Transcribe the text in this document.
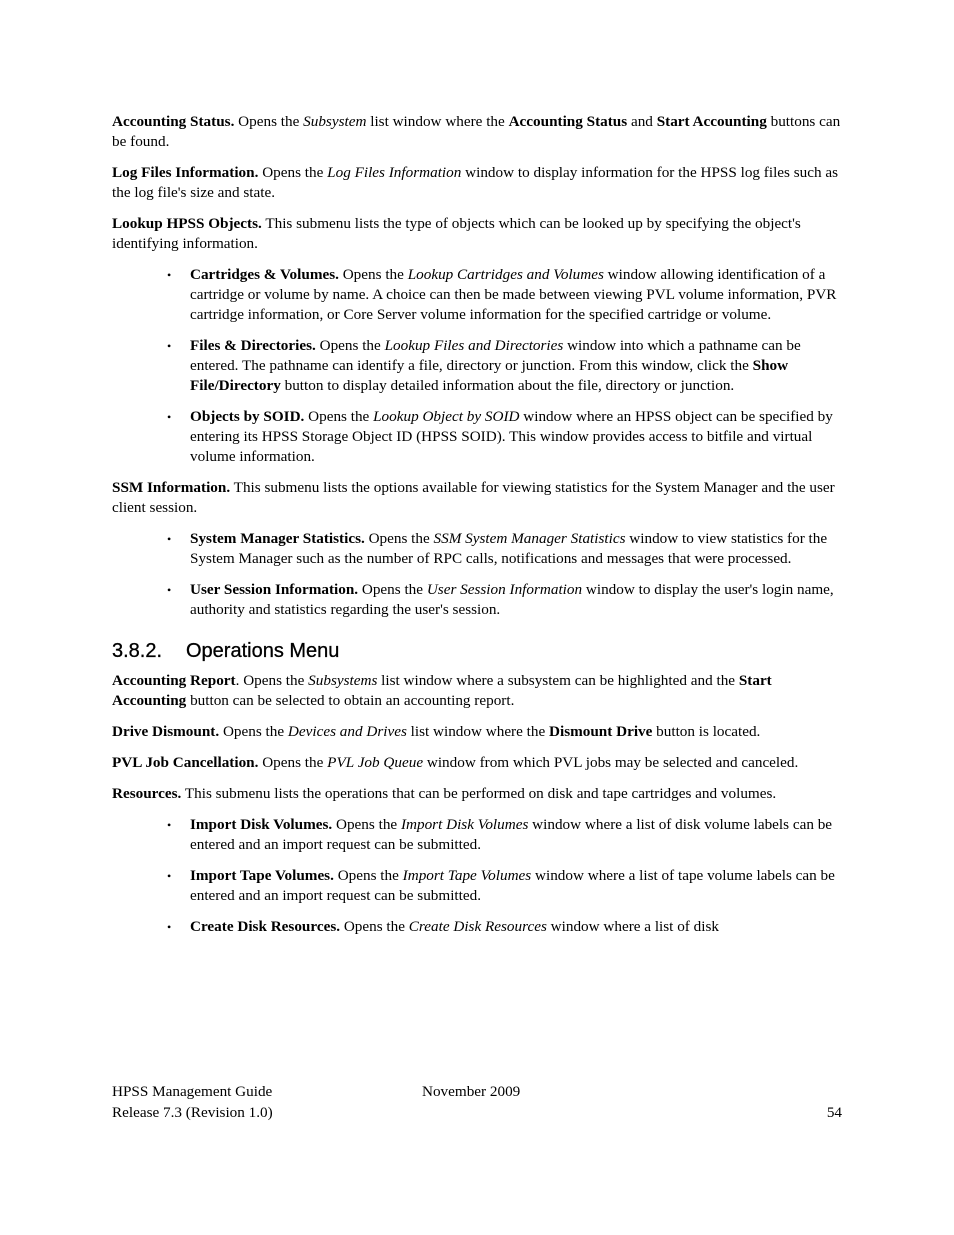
Accounting Status. Opens the Subsystem list window where the Accounting Status and Start Accounting buttons can be found.

Log Files Information. Opens the Log Files Information window to display information for the HPSS log files such as the log file's size and state.

Lookup HPSS Objects. This submenu lists the type of objects which can be looked up by specifying the object's identifying information.

• Cartridges & Volumes. Opens the Lookup Cartridges and Volumes window allowing identification of a cartridge or volume by name. A choice can then be made between viewing PVL volume information, PVR cartridge information, or Core Server volume information for the specified cartridge or volume.
• Files & Directories. Opens the Lookup Files and Directories window into which a pathname can be entered. The pathname can identify a file, directory or junction. From this window, click the Show File/Directory button to display detailed information about the file, directory or junction.
• Objects by SOID. Opens the Lookup Object by SOID window where an HPSS object can be specified by entering its HPSS Storage Object ID (HPSS SOID). This window provides access to bitfile and virtual volume information.

SSM Information. This submenu lists the options available for viewing statistics for the System Manager and the user client session.

• System Manager Statistics. Opens the SSM System Manager Statistics window to view statistics for the System Manager such as the number of RPC calls, notifications and messages that were processed.
• User Session Information. Opens the User Session Information window to display the user's login name, authority and statistics regarding the user's session.
3.8.2. Operations Menu

Accounting Report. Opens the Subsystems list window where a subsystem can be highlighted and the Start Accounting button can be selected to obtain an accounting report.

Drive Dismount. Opens the Devices and Drives list window where the Dismount Drive button is located.

PVL Job Cancellation. Opens the PVL Job Queue window from which PVL jobs may be selected and canceled.

Resources. This submenu lists the operations that can be performed on disk and tape cartridges and volumes.

• Import Disk Volumes. Opens the Import Disk Volumes window where a list of disk volume labels can be entered and an import request can be submitted.
• Import Tape Volumes. Opens the Import Tape Volumes window where a list of tape volume labels can be entered and an import request can be submitted.
• Create Disk Resources. Opens the Create Disk Resources window where a list of disk
HPSS Management Guide	November 2009
Release 7.3 (Revision 1.0)	54
